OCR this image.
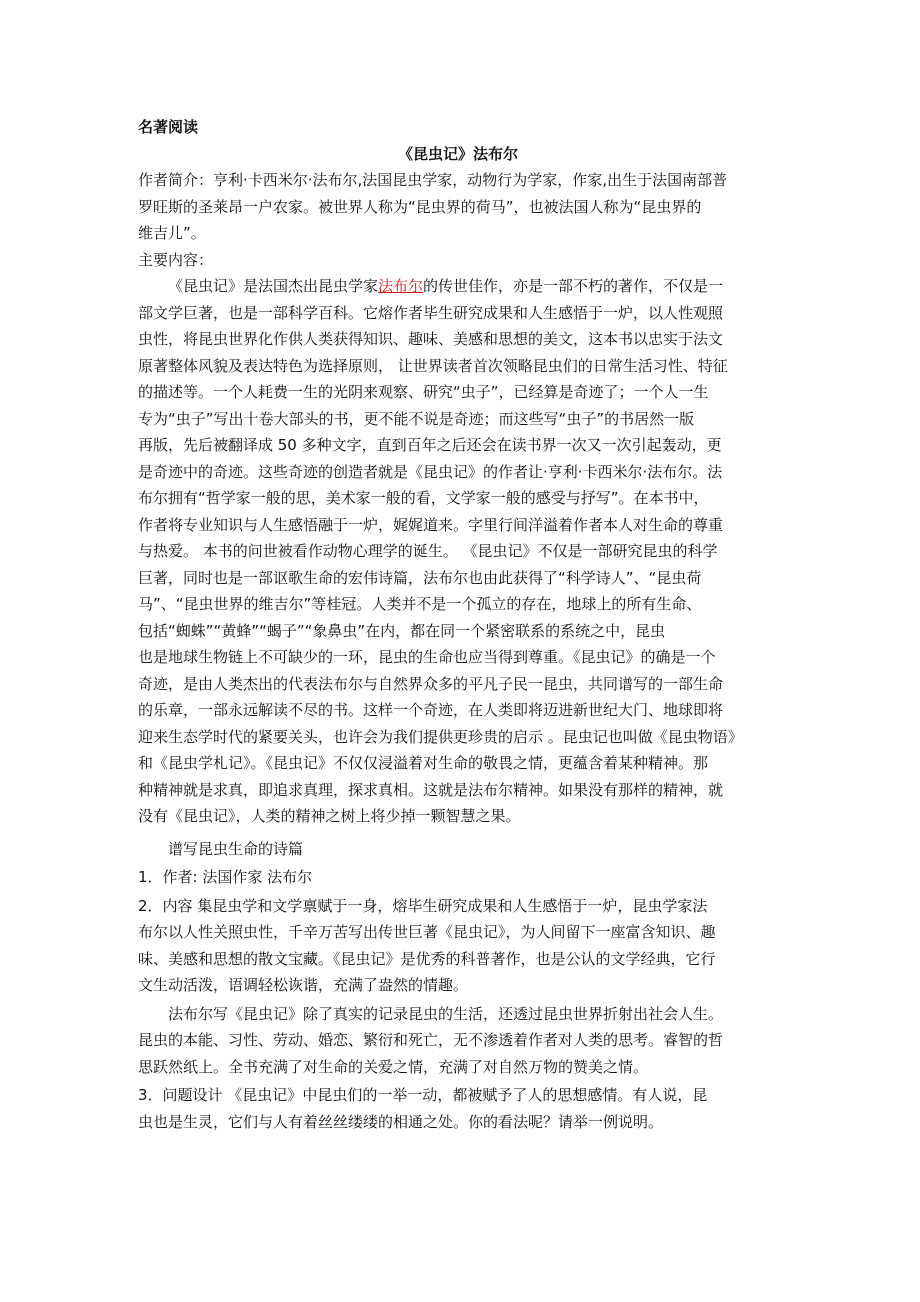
名著阅读
《昆虫记》法布尔
作者简介：亨利·卡西米尔·法布尔,法国昆虫学家，动物行为学家，作家,出生于法国南部普
罗旺斯的圣莱昂一户农家。被世界人称为“昆虫界的荷马”，也被法国人称为“昆虫界的
维吉儿”。
主要内容：
《昆虫记》是法国杰出昆虫学家法布尔的传世佳作，亦是一部不朽的著作，不仅是一
部文学巨著，也是一部科学百科。它熔作者毕生研究成果和人生感悟于一炉，以人性观照
虫性，将昆虫世界化作供人类获得知识、趣味、美感和思想的美文，这本书以忠实于法文
原著整体风貌及表达特色为选择原则， 让世界读者首次领略昆虫们的日常生活习性、特征
的描述等。一个人耗费一生的光阴来观察、研究“虫子”，已经算是奇迹了；一个人一生
专为“虫子”写出十卷大部头的书，更不能不说是奇迹；而这些写“虫子”的书居然一版
再版，先后被翻译成 50 多种文字，直到百年之后还会在读书界一次又一次引起轰动，更
是奇迹中的奇迹。这些奇迹的创造者就是《昆虫记》的作者让·亨利·卡西米尔·法布尔。法
布尔拥有“哲学家一般的思，美术家一般的看，文学家一般的感受与抒写”。在本书中，
作者将专业知识与人生感悟融于一炉，娓娓道来。字里行间洋溢着作者本人对生命的尊重
与热爱。 本书的问世被看作动物心理学的诞生。 《昆虫记》不仅是一部研究昆虫的科学
巨著，同时也是一部讴歌生命的宏伟诗篇，法布尔也由此获得了“科学诗人”、“昆虫荷
马”、“昆虫世界的维吉尔”等桂冠。人类并不是一个孤立的存在，地球上的所有生命、
包括“蜘蛛”“黄蜂”“蝎子”“象鼻虫”在内，都在同一个紧密联系的系统之中，昆虫
也是地球生物链上不可缺少的一环，昆虫的生命也应当得到尊重。《昆虫记》的确是一个
奇迹，是由人类杰出的代表法布尔与自然界众多的平凡子民一昆虫，共同谱写的一部生命
的乐章，一部永远解读不尽的书。这样一个奇迹，在人类即将迈进新世纪大门、地球即将
迎来生态学时代的紧要关头，也许会为我们提供更珍贵的启示 。昆虫记也叫做《昆虫物语》
和《昆虫学札记》。《昆虫记》不仅仅浸溢着对生命的敬畏之情，更蕴含着某种精神。那
种精神就是求真，即追求真理，探求真相。这就是法布尔精神。如果没有那样的精神，就
没有《昆虫记》，人类的精神之树上将少掉一颗智慧之果。
谱写昆虫生命的诗篇
1．作者: 法国作家 法布尔
2．内容 集昆虫学和文学禀赋于一身，熔毕生研究成果和人生感悟于一炉，昆虫学家法
布尔以人性关照虫性，千辛万苦写出传世巨著《昆虫记》，为人间留下一座富含知识、趣
味、美感和思想的散文宝藏。《昆虫记》是优秀的科普著作，也是公认的文学经典，它行
文生动活泼，语调轻松诙谐，充满了盎然的情趣。
法布尔写《昆虫记》除了真实的记录昆虫的生活，还透过昆虫世界折射出社会人生。
昆虫的本能、习性、劳动、婚恋、繁衍和死亡，无不渗透着作者对人类的思考。睿智的哲
思跃然纸上。全书充满了对生命的关爱之情，充满了对自然万物的赞美之情。
3．问题设计 《昆虫记》中昆虫们的一举一动，都被赋予了人的思想感情。有人说，昆
虫也是生灵，它们与人有着丝丝缕缕的相通之处。你的看法呢？请举一例说明。
